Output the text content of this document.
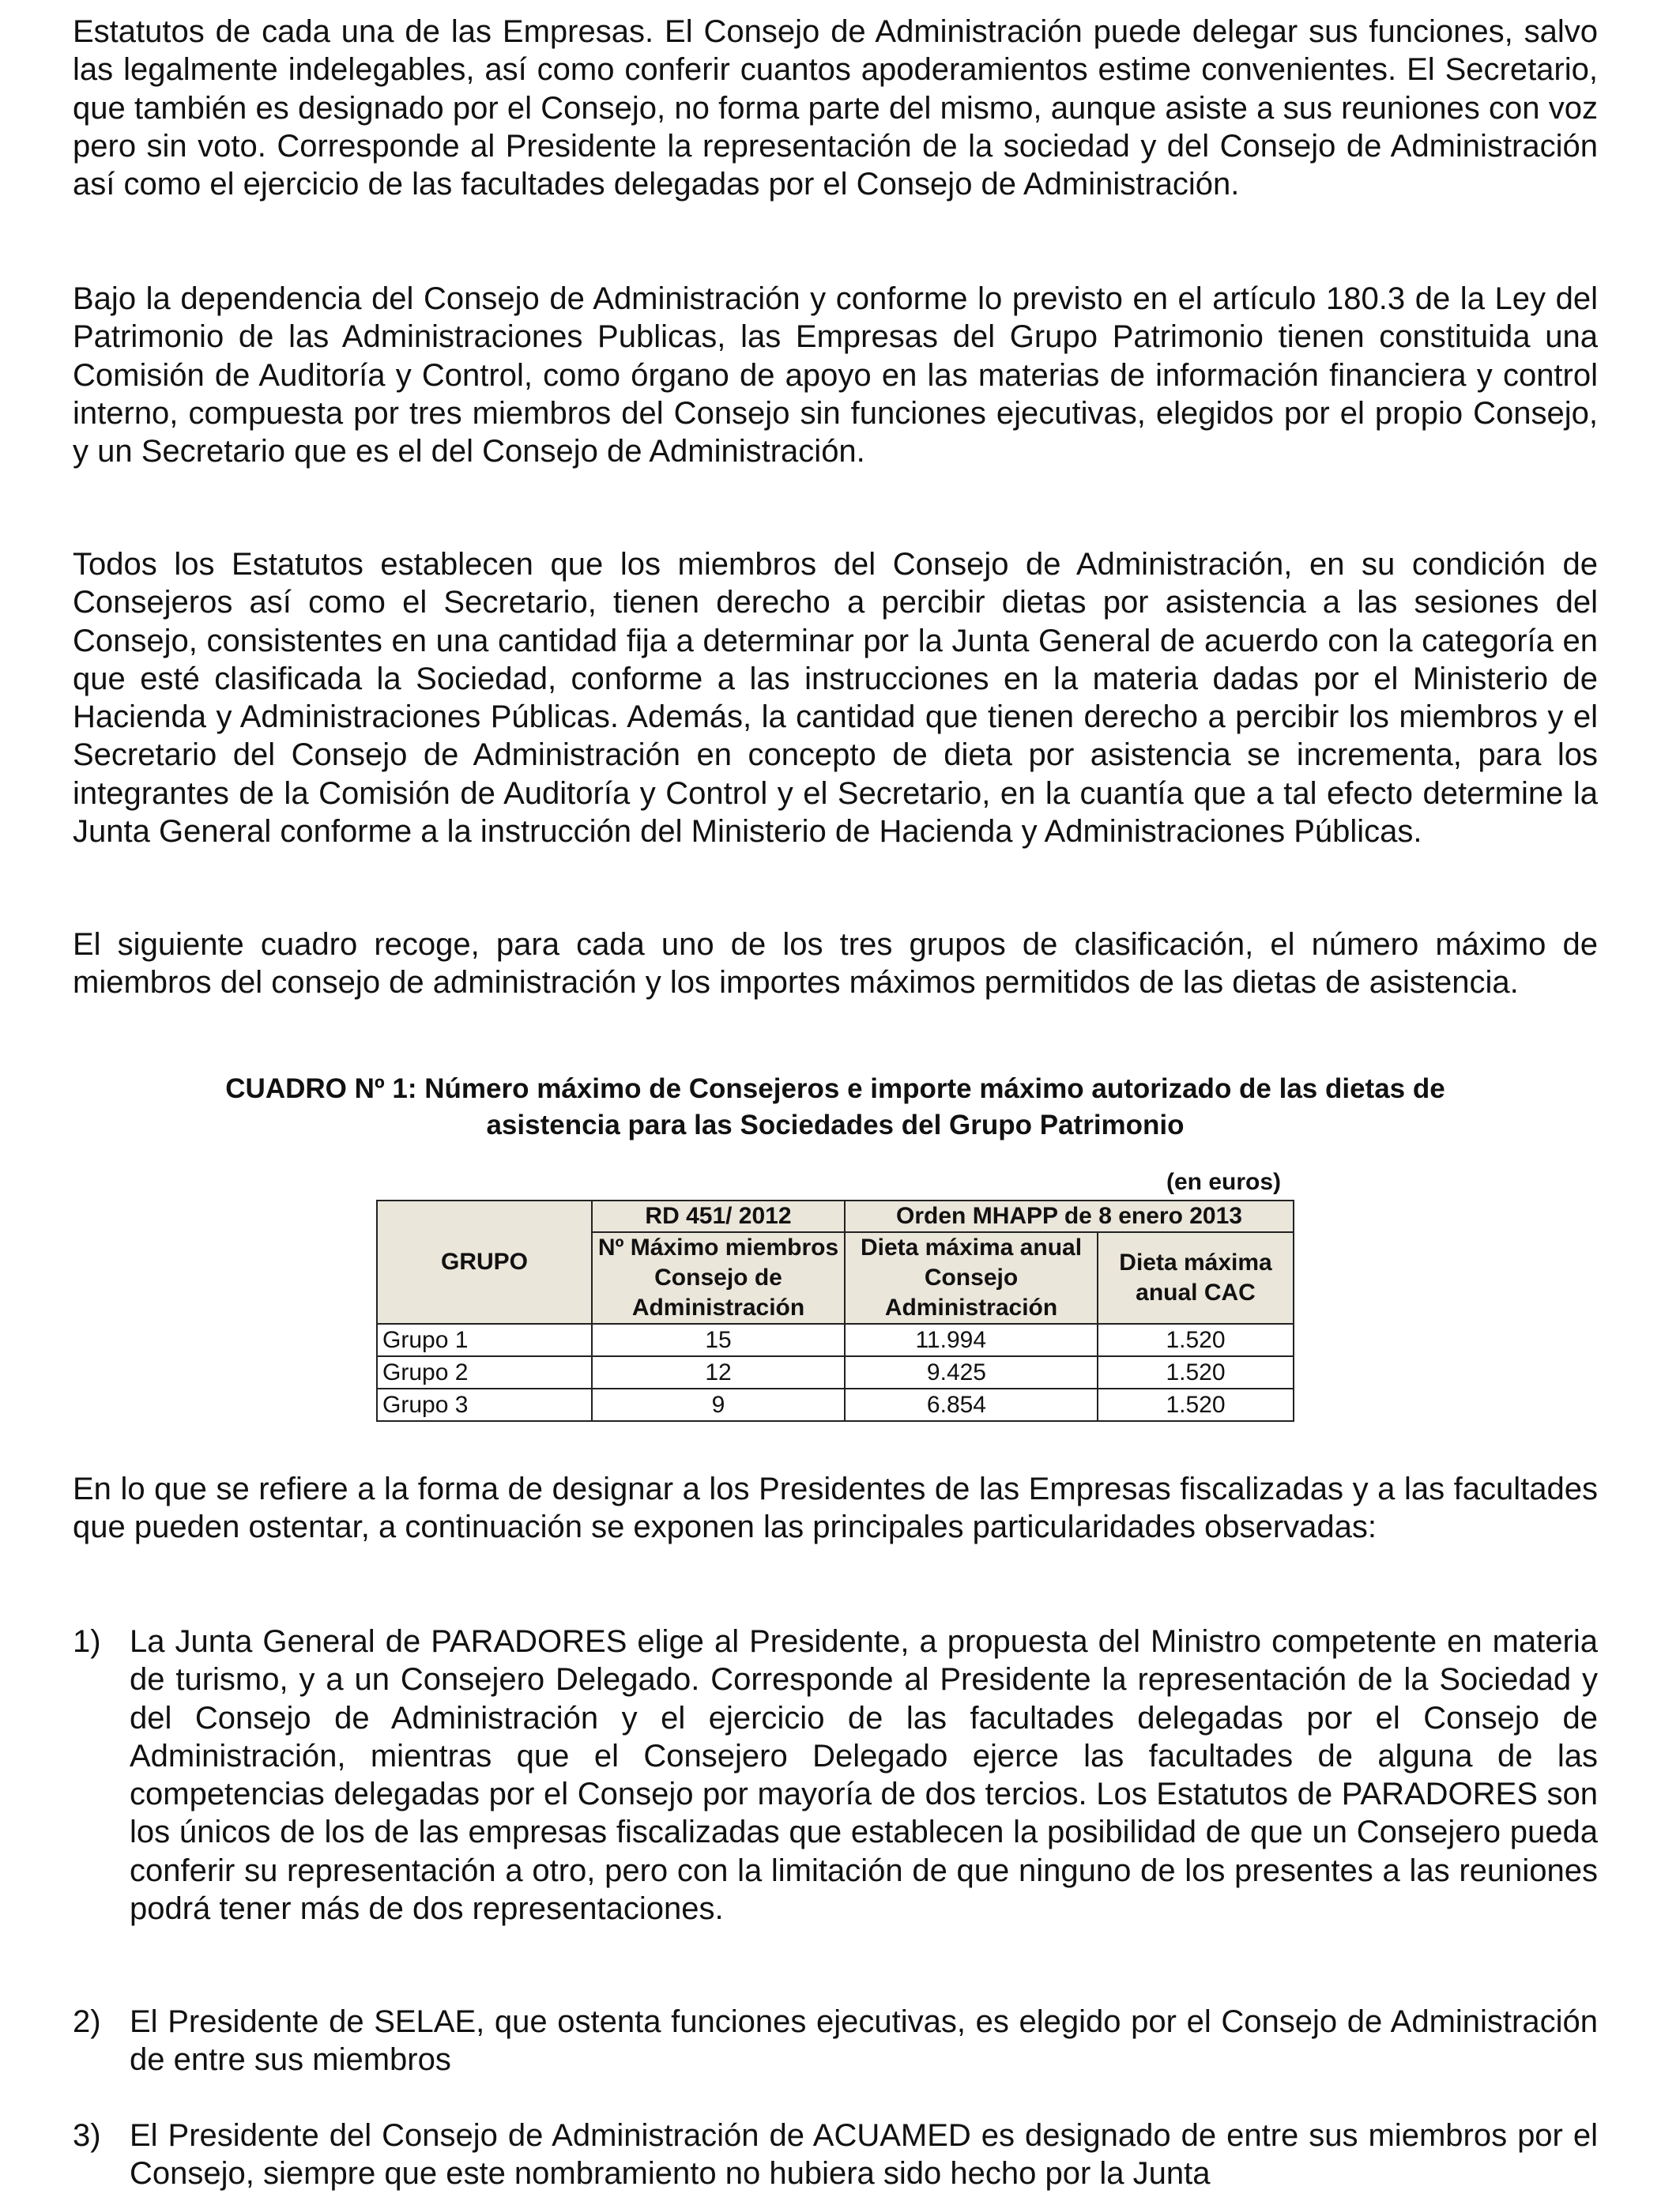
Estatutos de cada una de las Empresas. El Consejo de Administración puede delegar sus funciones, salvo las legalmente indelegables, así como conferir cuantos apoderamientos estime convenientes. El Secretario, que también es designado por el Consejo, no forma parte del mismo, aunque asiste a sus reuniones con voz pero sin voto. Corresponde al Presidente la representación de la sociedad y del Consejo de Administración así como el ejercicio de las facultades delegadas por el Consejo de Administración.

Bajo la dependencia del Consejo de Administración y conforme lo previsto en el artículo 180.3 de la Ley del Patrimonio de las Administraciones Publicas, las Empresas del Grupo Patrimonio tienen constituida una Comisión de Auditoría y Control, como órgano de apoyo en las materias de información financiera y control interno, compuesta por tres miembros del Consejo sin funciones ejecutivas, elegidos por el propio Consejo, y un Secretario que es el del Consejo de Administración.

Todos los Estatutos establecen que los miembros del Consejo de Administración, en su condición de Consejeros así como el Secretario, tienen derecho a percibir dietas por asistencia a las sesiones del Consejo, consistentes en una cantidad fija a determinar por la Junta General de acuerdo con la categoría en que esté clasificada la Sociedad, conforme a las instrucciones en la materia dadas por el Ministerio de Hacienda y Administraciones Públicas. Además, la cantidad que tienen derecho a percibir los miembros y el Secretario del Consejo de Administración en concepto de dieta por asistencia se incrementa, para los integrantes de la Comisión de Auditoría y Control y el Secretario, en la cuantía que a tal efecto determine la Junta General conforme a la instrucción del Ministerio de Hacienda y Administraciones Públicas.

El siguiente cuadro recoge, para cada uno de los tres grupos de clasificación, el número máximo de miembros del consejo de administración y los importes máximos permitidos de las dietas de asistencia.

CUADRO Nº 1: Número máximo de Consejeros e importe máximo autorizado de las dietas de
asistencia para las Sociedades del Grupo Patrimonio
(en euros)
GRUPO	RD 451/ 2012	Orden MHAPP de 8 enero 2013	
	Nº Máximo miembros Consejo de Administración	Dieta máxima anual Consejo Administración	Dieta máxima anual CAC
Grupo 1	15	11.994	1.520
Grupo 2	12	9.425	1.520
Grupo 3	9	6.854	1.520

En lo que se refiere a la forma de designar a los Presidentes de las Empresas fiscalizadas y a las facultades que pueden ostentar, a continuación se exponen las principales particularidades observadas:

1) La Junta General de PARADORES elige al Presidente, a propuesta del Ministro competente en materia de turismo, y a un Consejero Delegado. Corresponde al Presidente la representación de la Sociedad y del Consejo de Administración y el ejercicio de las facultades delegadas por el Consejo de Administración, mientras que el Consejero Delegado ejerce las facultades de alguna de las competencias delegadas por el Consejo por mayoría de dos tercios. Los Estatutos de PARADORES son los únicos de los de las empresas fiscalizadas que establecen la posibilidad de que un Consejero pueda conferir su representación a otro, pero con la limitación de que ninguno de los presentes a las reuniones podrá tener más de dos representaciones.
2) El Presidente de SELAE, que ostenta funciones ejecutivas, es elegido por el Consejo de Administración de entre sus miembros
3) El Presidente del Consejo de Administración de ACUAMED es designado de entre sus miembros por el Consejo, siempre que este nombramiento no hubiera sido hecho por la Junta
